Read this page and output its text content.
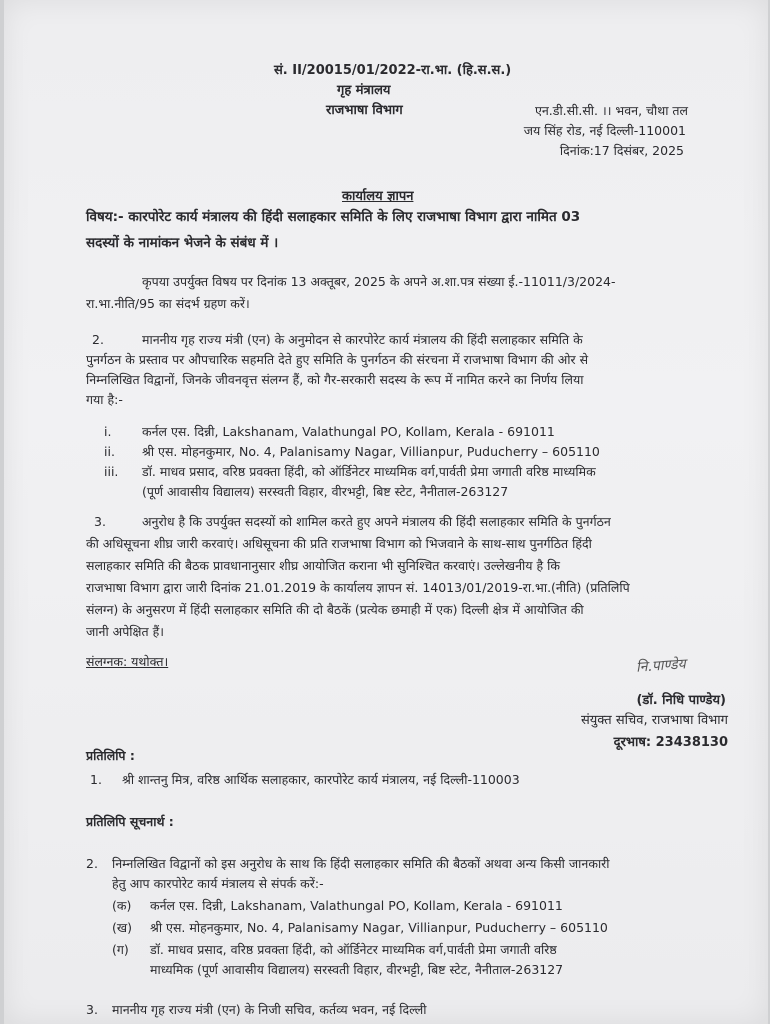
सं. II/20015/01/2022-रा.भा. (हि.स.स.)
गृह मंत्रालय
राजभाषा विभाग	एन.डी.सी.सी. ।। भवन, चौथा तल
जय सिंह रोड, नई दिल्ली-110001
दिनांक:17 दिसंबर, 2025
कार्यालय ज्ञापन
विषय:- कारपोरेट कार्य मंत्रालय की हिंदी सलाहकार समिति के लिए राजभाषा विभाग द्वारा नामित 03
सदस्यों के नामांकन भेजने के संबंध में ।
कृपया उपर्युक्त विषय पर दिनांक 13 अक्तूबर, 2025 के अपने अ.शा.पत्र संख्या ई.-11011/3/2024-
रा.भा.नीति/95 का संदर्भ ग्रहण करें।
2.	माननीय गृह राज्य मंत्री (एन) के अनुमोदन से कारपोरेट कार्य मंत्रालय की हिंदी सलाहकार समिति के
पुनर्गठन के प्रस्ताव पर औपचारिक सहमति देते हुए समिति के पुनर्गठन की संरचना में राजभाषा विभाग की ओर से
निम्नलिखित विद्वानों, जिनके जीवनवृत्त संलग्न हैं, को गैर-सरकारी सदस्य के रूप में नामित करने का निर्णय लिया
गया है:-
i.	कर्नल एस. दिन्नी, Lakshanam, Valathungal PO, Kollam, Kerala - 691011
ii.	श्री एस. मोहनकुमार, No. 4, Palanisamy Nagar, Villianpur, Puducherry – 605110
iii.	डॉ. माधव प्रसाद, वरिष्ठ प्रवक्ता हिंदी, को ऑर्डिनेटर माध्यमिक वर्ग,पार्वती प्रेमा जगाती वरिष्ठ माध्यमिक
(पूर्ण आवासीय विद्यालय) सरस्वती विहार, वीरभट्टी, बिष्ट स्टेट, नैनीताल-263127
3.	अनुरोध है कि उपर्युक्त सदस्यों को शामिल करते हुए अपने मंत्रालय की हिंदी सलाहकार समिति के पुनर्गठन
की अधिसूचना शीघ्र जारी करवाएं। अधिसूचना की प्रति राजभाषा विभाग को भिजवाने के साथ-साथ पुनर्गठित हिंदी
सलाहकार समिति की बैठक प्रावधानानुसार शीघ्र आयोजित कराना भी सुनिश्चित करवाएं। उल्लेखनीय है कि
राजभाषा विभाग द्वारा जारी दिनांक 21.01.2019 के कार्यालय ज्ञापन सं. 14013/01/2019-रा.भा.(नीति) (प्रतिलिपि
संलग्न) के अनुसरण में हिंदी सलाहकार समिति की दो बैठकें (प्रत्येक छमाही में एक) दिल्ली क्षेत्र में आयोजित की
जानी अपेक्षित हैं।
संलग्नक: यथोक्त।	नि.पाण्डेय
(डॉ. निधि पाण्डेय)
संयुक्त सचिव, राजभाषा विभाग
दूरभाष: 23438130
प्रतिलिपि :
1. श्री शान्तनु मित्र, वरिष्ठ आर्थिक सलाहकार, कारपोरेट कार्य मंत्रालय, नई दिल्ली-110003
प्रतिलिपि सूचनार्थ :
2. निम्नलिखित विद्वानों को इस अनुरोध के साथ कि हिंदी सलाहकार समिति की बैठकों अथवा अन्य किसी जानकारी
हेतु आप कारपोरेट कार्य मंत्रालय से संपर्क करें:-
(क)	कर्नल एस. दिन्नी, Lakshanam, Valathungal PO, Kollam, Kerala - 691011
(ख)	श्री एस. मोहनकुमार, No. 4, Palanisamy Nagar, Villianpur, Puducherry – 605110
(ग)	डॉ. माधव प्रसाद, वरिष्ठ प्रवक्ता हिंदी, को ऑर्डिनेटर माध्यमिक वर्ग,पार्वती प्रेमा जगाती वरिष्ठ
माध्यमिक (पूर्ण आवासीय विद्यालय) सरस्वती विहार, वीरभट्टी, बिष्ट स्टेट, नैनीताल-263127
3. माननीय गृह राज्य मंत्री (एन) के निजी सचिव, कर्तव्य भवन, नई दिल्ली
